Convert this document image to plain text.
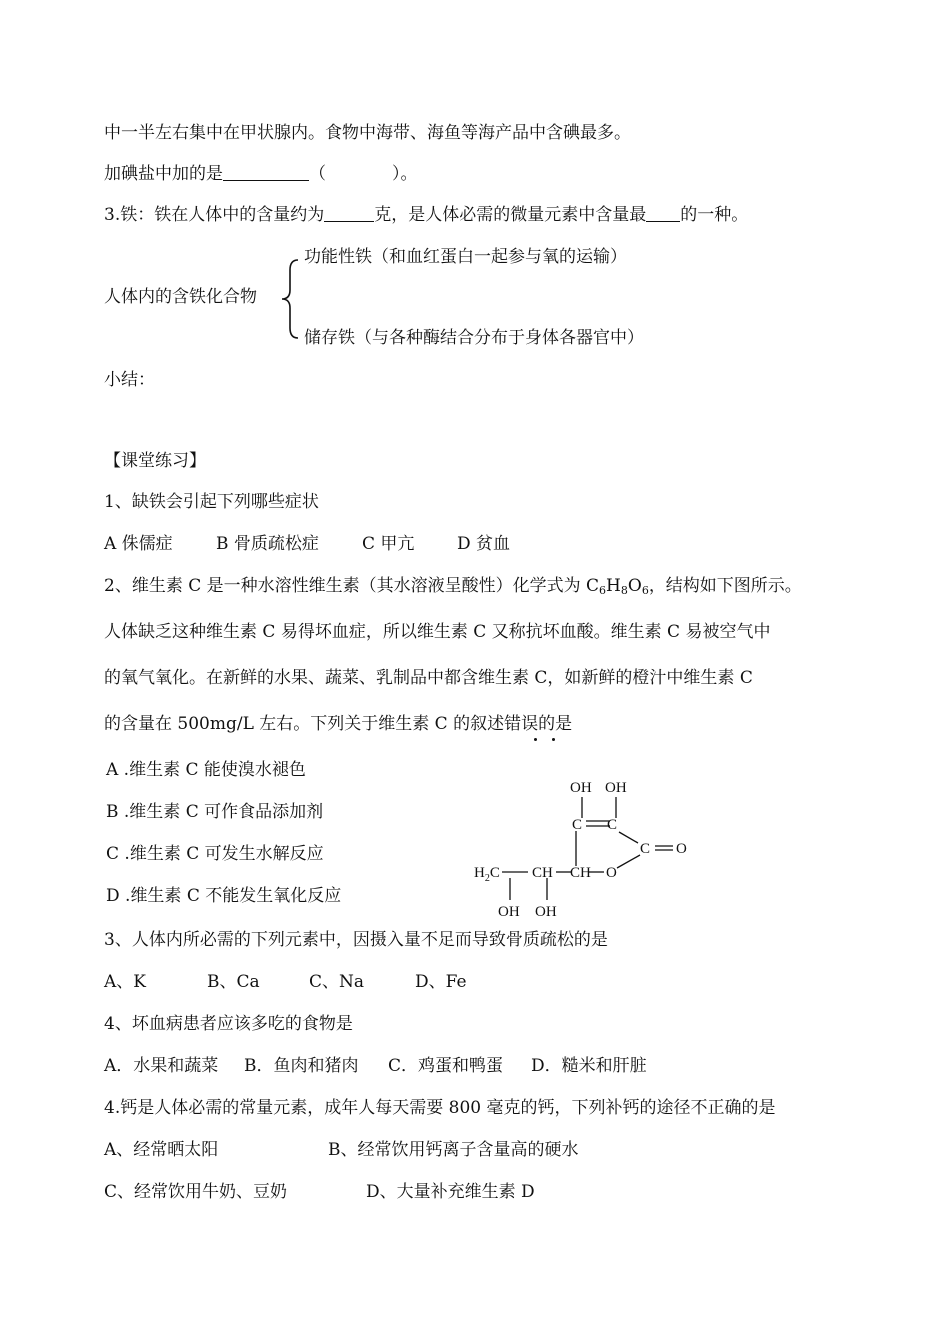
中一半左右集中在甲状腺内。食物中海带、海鱼等海产品中含碘最多。
加碘盐中加的是	（	）。
3.铁：铁在人体中的含量约为	克，是人体必需的微量元素中含量最 的一种。
功能性铁（和血红蛋白一起参与氧的运输）
人体内的含铁化合物
储存铁（与各种酶结合分布于身体各器官中）
小结：
【课堂练习】
1、缺铁会引起下列哪些症状
A 侏儒症	B 骨质疏松症	C 甲亢	D 贫血
2、维生素 C 是一种水溶性维生素（其水溶液呈酸性）化学式为 $C_6H_8O_6$，结构如下图所示。
人体缺乏这种维生素 C 易得坏血症，所以维生素 C 又称抗坏血酸。维生素 C 易被空气中
的氧气氧化。在新鲜的水果、蔬菜、乳制品中都含维生素 C，如新鲜的橙汁中维生素 C
的含量在 500mg/L 左右。下列关于维生素 C 的叙述错误的是
A .维生素 C 能使溴水褪色
B .维生素 C 可作食品添加剂
C .维生素 C 可发生水解反应
D .维生素 C 不能发生氧化反应
OH OH
C C
C O
$H_2C$ CH CH O
OH OH
3、人体内所必需的下列元素中，因摄入量不足而导致骨质疏松的是
A、K	B、Ca	C、Na	D、Fe
4、坏血病患者应该多吃的食物是
A．水果和蔬菜 B．鱼肉和猪肉 C．鸡蛋和鸭蛋 D．糙米和肝脏
4.钙是人体必需的常量元素，成年人每天需要 800 毫克的钙，下列补钙的途径不正确的是
A、经常晒太阳	B、经常饮用钙离子含量高的硬水
C、经常饮用牛奶、豆奶	D、大量补充维生素 D
